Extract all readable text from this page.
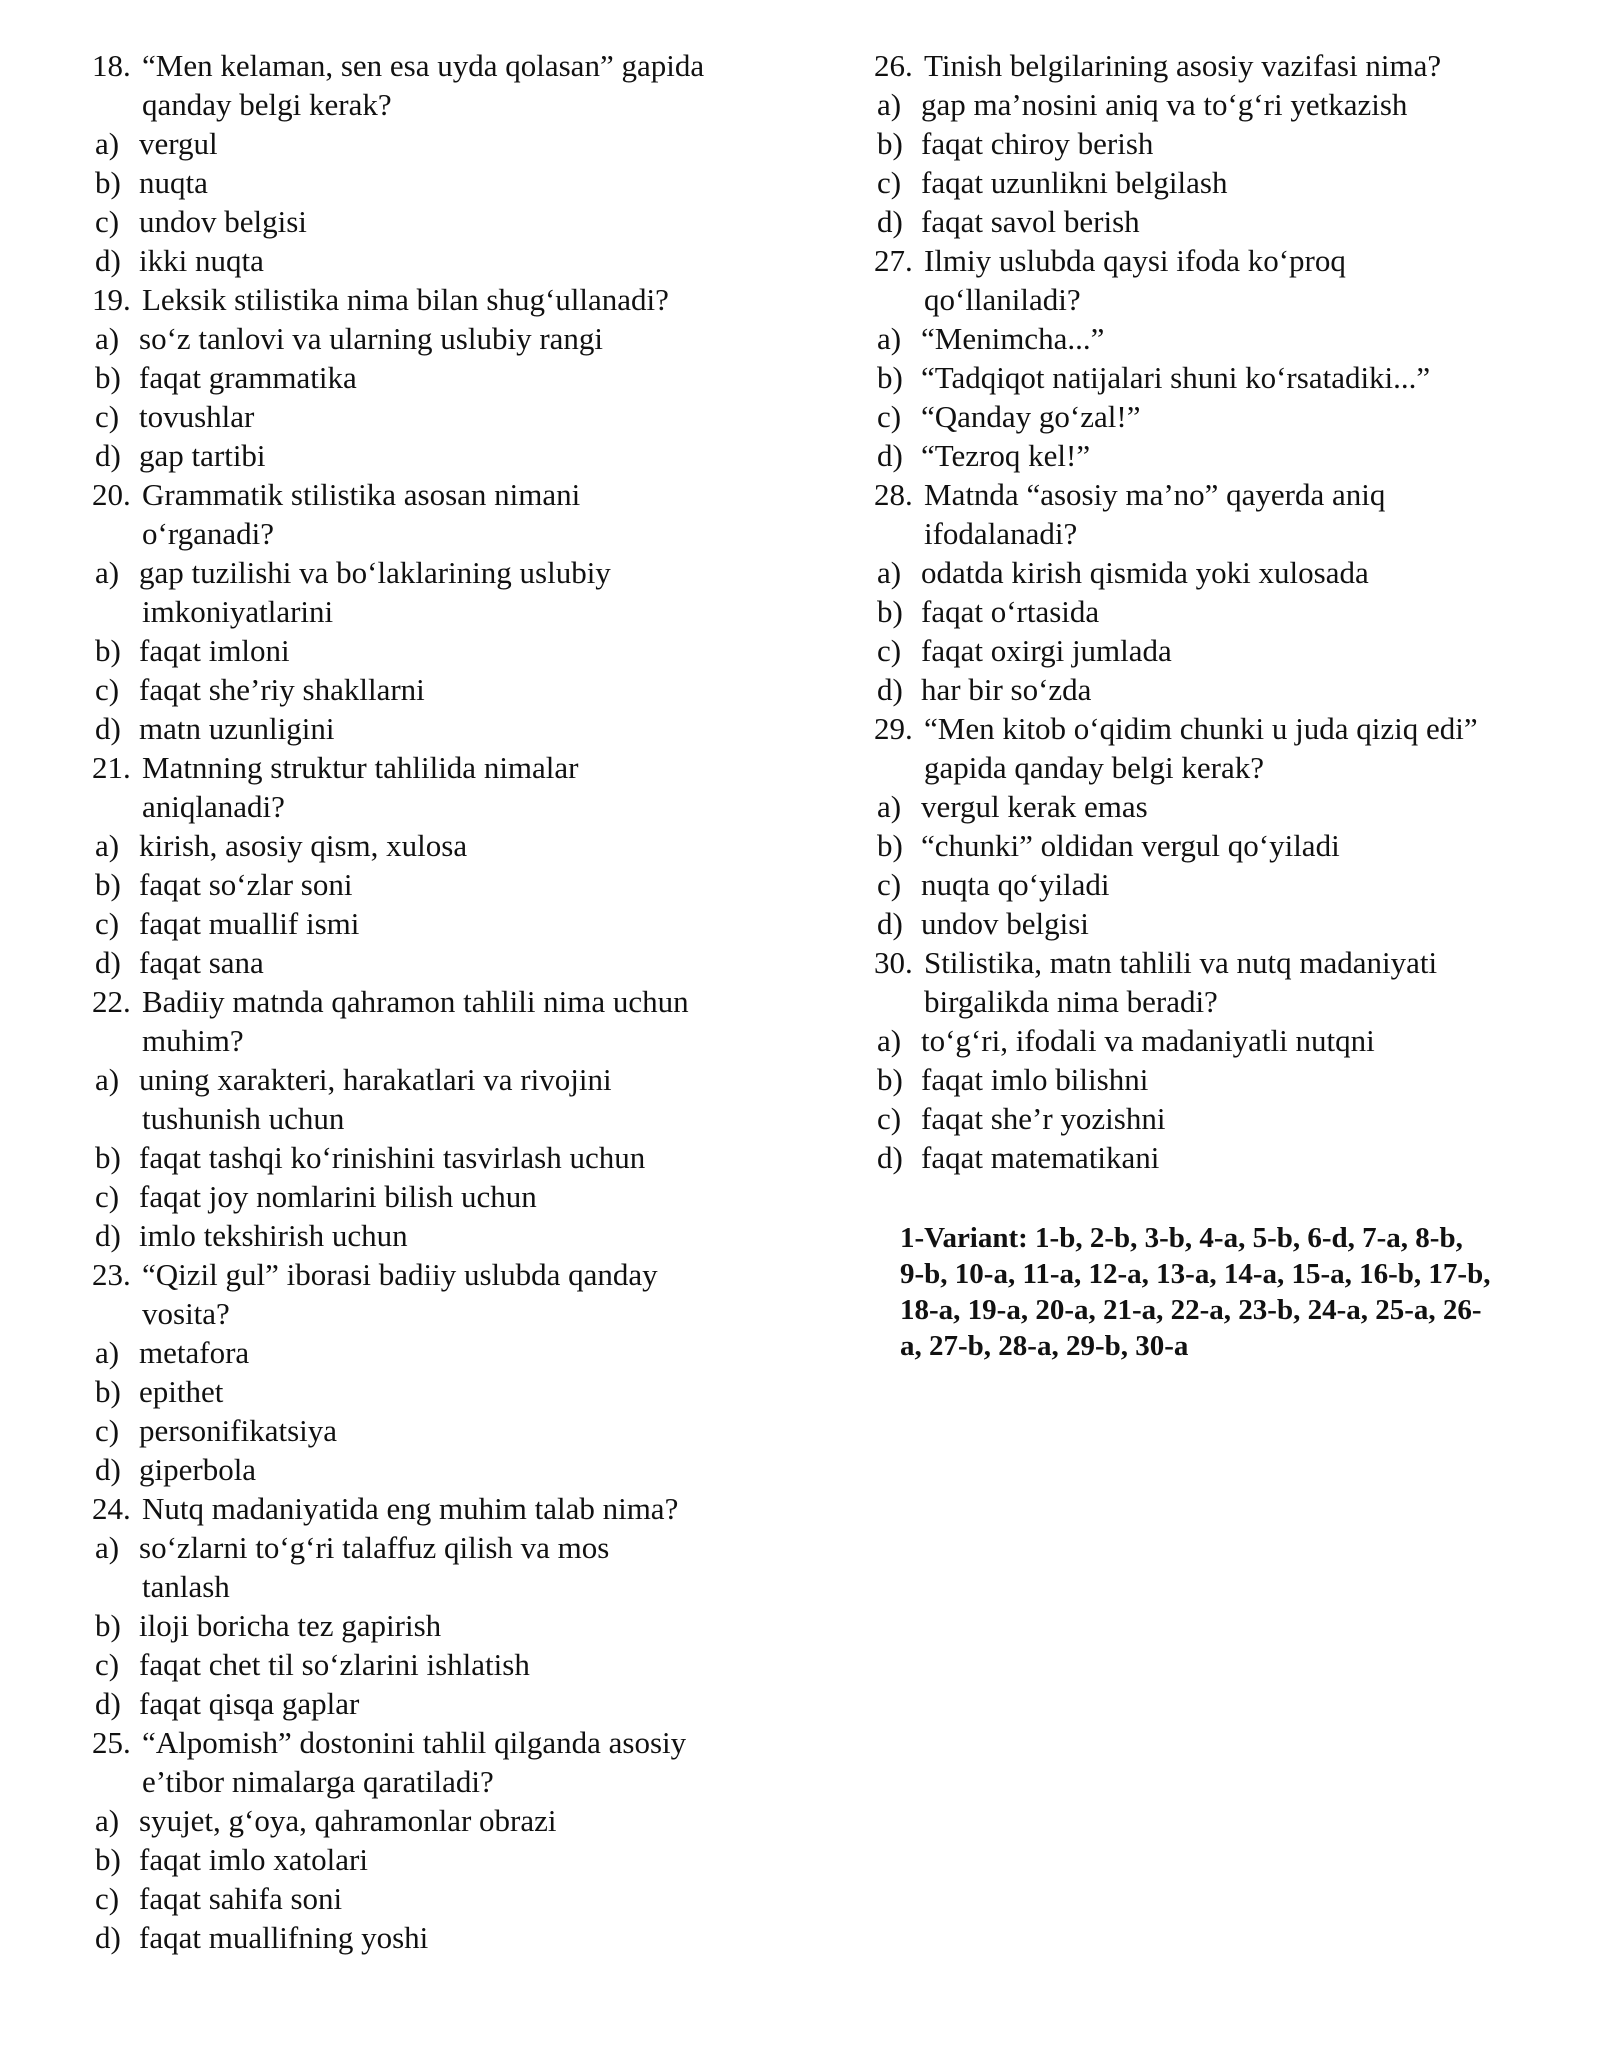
18. “Men kelaman, sen esa uyda qolasan” gapida
qanday belgi kerak?
a) vergul
b) nuqta
c) undov belgisi
d) ikki nuqta
19. Leksik stilistika nima bilan shug‘ullanadi?
a) so‘z tanlovi va ularning uslubiy rangi
b) faqat grammatika
c) tovushlar
d) gap tartibi
20. Grammatik stilistika asosan nimani
o‘rganadi?
a) gap tuzilishi va bo‘laklarining uslubiy
imkoniyatlarini
b) faqat imloni
c) faqat she’riy shakllarni
d) matn uzunligini
21. Matnning struktur tahlilida nimalar
aniqlanadi?
a) kirish, asosiy qism, xulosa
b) faqat so‘zlar soni
c) faqat muallif ismi
d) faqat sana
22. Badiiy matnda qahramon tahlili nima uchun
muhim?
a) uning xarakteri, harakatlari va rivojini
tushunish uchun
b) faqat tashqi ko‘rinishini tasvirlash uchun
c) faqat joy nomlarini bilish uchun
d) imlo tekshirish uchun
23. “Qizil gul” iborasi badiiy uslubda qanday
vosita?
a) metafora
b) epithet
c) personifikatsiya
d) giperbola
24. Nutq madaniyatida eng muhim talab nima?
a) so‘zlarni to‘g‘ri talaffuz qilish va mos
tanlash
b) iloji boricha tez gapirish
c) faqat chet til so‘zlarini ishlatish
d) faqat qisqa gaplar
25. “Alpomish” dostonini tahlil qilganda asosiy
e’tibor nimalarga qaratiladi?
a) syujet, g‘oya, qahramonlar obrazi
b) faqat imlo xatolari
c) faqat sahifa soni
d) faqat muallifning yoshi
26. Tinish belgilarining asosiy vazifasi nima?
a) gap ma’nosini aniq va to‘g‘ri yetkazish
b) faqat chiroy berish
c) faqat uzunlikni belgilash
d) faqat savol berish
27. Ilmiy uslubda qaysi ifoda ko‘proq
qo‘llaniladi?
a) “Menimcha...”
b) “Tadqiqot natijalari shuni ko‘rsatadiki...”
c) “Qanday go‘zal!”
d) “Tezroq kel!”
28. Matnda “asosiy ma’no” qayerda aniq
ifodalanadi?
a) odatda kirish qismida yoki xulosada
b) faqat o‘rtasida
c) faqat oxirgi jumlada
d) har bir so‘zda
29. “Men kitob o‘qidim chunki u juda qiziq edi”
gapida qanday belgi kerak?
a) vergul kerak emas
b) “chunki” oldidan vergul qo‘yiladi
c) nuqta qo‘yiladi
d) undov belgisi
30. Stilistika, matn tahlili va nutq madaniyati
birgalikda nima beradi?
a) to‘g‘ri, ifodali va madaniyatli nutqni
b) faqat imlo bilishni
c) faqat she’r yozishni
d) faqat matematikani
1-Variant: 1-b, 2-b, 3-b, 4-a, 5-b, 6-d, 7-a, 8-b,
9-b, 10-a, 11-a, 12-a, 13-a, 14-a, 15-a, 16-b, 17-b,
18-a, 19-a, 20-a, 21-a, 22-a, 23-b, 24-a, 25-a, 26-
a, 27-b, 28-a, 29-b, 30-a
